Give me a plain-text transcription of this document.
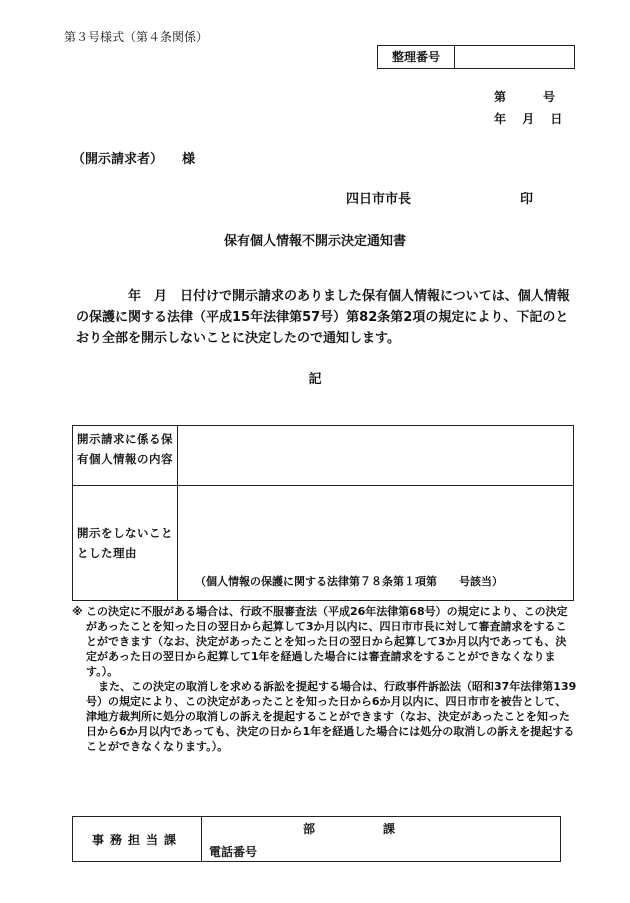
第３号様式（第４条関係）
整理番号
第	号
年 月 日
（開示請求者） 様
四日市市長	印
保有個人情報不開示決定通知書
年　月　日付けで開示請求のありました保有個人情報については、個人情報の保護に関する法律（平成15年法律第57号）第82条第2項の規定により、下記のとおり全部を開示しないことに決定したので通知します。
記
開示請求に係る保有個人情報の内容	
開示をしないこととした理由	（個人情報の保護に関する法律第７８条第１項第　　号該当）
※ この決定に不服がある場合は、行政不服審査法（平成26年法律第68号）の規定により、この決定があったことを知った日の翌日から起算して3か月以内に、四日市市長に対して審査請求をすることができます（なお、決定があったことを知った日の翌日から起算して3か月以内であっても、決定があった日の翌日から起算して1年を経過した場合には審査請求をすることができなくなります。）。
また、この決定の取消しを求める訴訟を提起する場合は、行政事件訴訟法（昭和37年法律第139号）の規定により、この決定があったことを知った日から6か月以内に、四日市市を被告として、津地方裁判所に処分の取消しの訴えを提起することができます（なお、決定があったことを知った日から6か月以内であっても、決定の日から1年を経過した場合には処分の取消しの訴えを提起することができなくなります。）。
事務担当課	
部	課
電話番号
